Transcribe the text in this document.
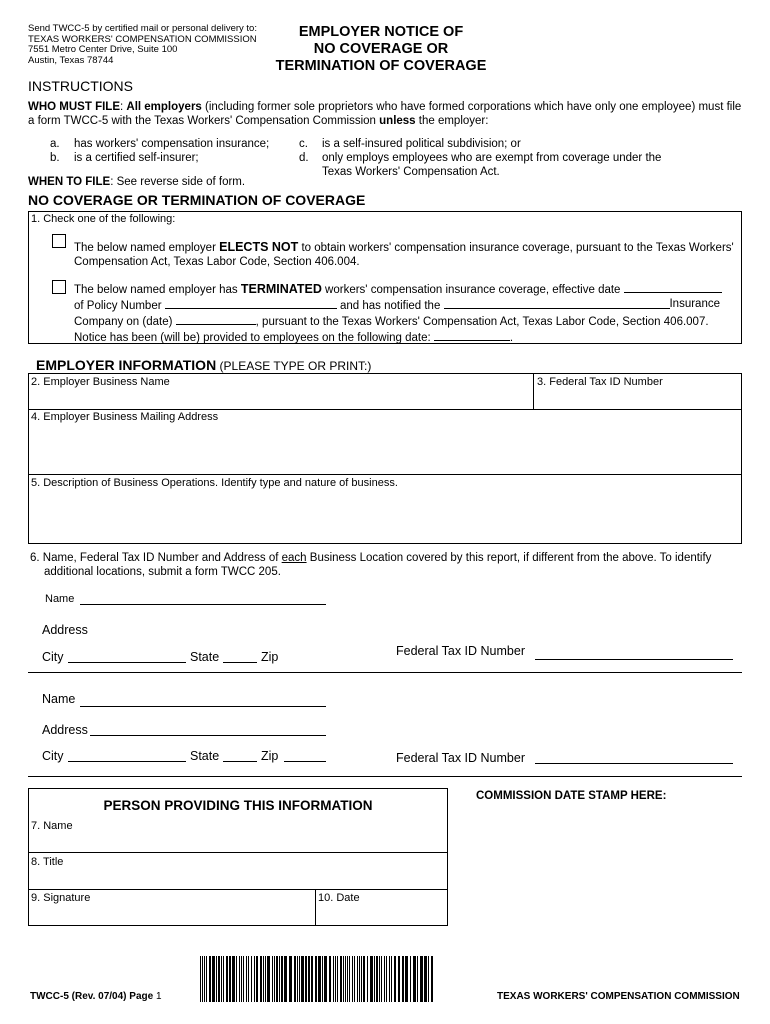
Send TWCC-5 by certified mail or personal delivery to:
TEXAS WORKERS' COMPENSATION COMMISSION
7551 Metro Center Drive, Suite 100
Austin, Texas 78744
EMPLOYER NOTICE OF
NO COVERAGE OR
TERMINATION OF COVERAGE
INSTRUCTIONS
WHO MUST FILE: All employers (including former sole proprietors who have formed corporations which have only one employee) must file
a form TWCC-5 with the Texas Workers' Compensation Commission unless the employer:
a. has workers' compensation insurance;
b. is a certified self-insurer;
c. is a self-insured political subdivision; or
d. only employs employees who are exempt from coverage under the
Texas Workers' Compensation Act.
WHEN TO FILE: See reverse side of form.
NO COVERAGE OR TERMINATION OF COVERAGE
1. Check one of the following:
The below named employer ELECTS NOT to obtain workers' compensation insurance coverage, pursuant to the Texas Workers'
Compensation Act, Texas Labor Code, Section 406.004.
The below named employer has TERMINATED workers' compensation insurance coverage, effective date
of Policy Number	and has notified the	Insurance
Company on (date)	, pursuant to the Texas Workers' Compensation Act, Texas Labor Code, Section 406.007.
Notice has been (will be) provided to employees on the following date:	.
EMPLOYER INFORMATION (PLEASE TYPE OR PRINT:)
2. Employer Business Name	3. Federal Tax ID Number
4. Employer Business Mailing Address
5. Description of Business Operations. Identify type and nature of business.
6. Name, Federal Tax ID Number and Address of each Business Location covered by this report, if different from the above. To identify
additional locations, submit a form TWCC 205.
Name
Address
City	State	Zip	Federal Tax ID Number
Name
Address
City	State	Zip	Federal Tax ID Number
PERSON PROVIDING THIS INFORMATION
7. Name
8. Title
9. Signature	10. Date
COMMISSION DATE STAMP HERE:
TWCC-5 (Rev. 07/04) Page 1	TEXAS WORKERS' COMPENSATION COMMISSION
